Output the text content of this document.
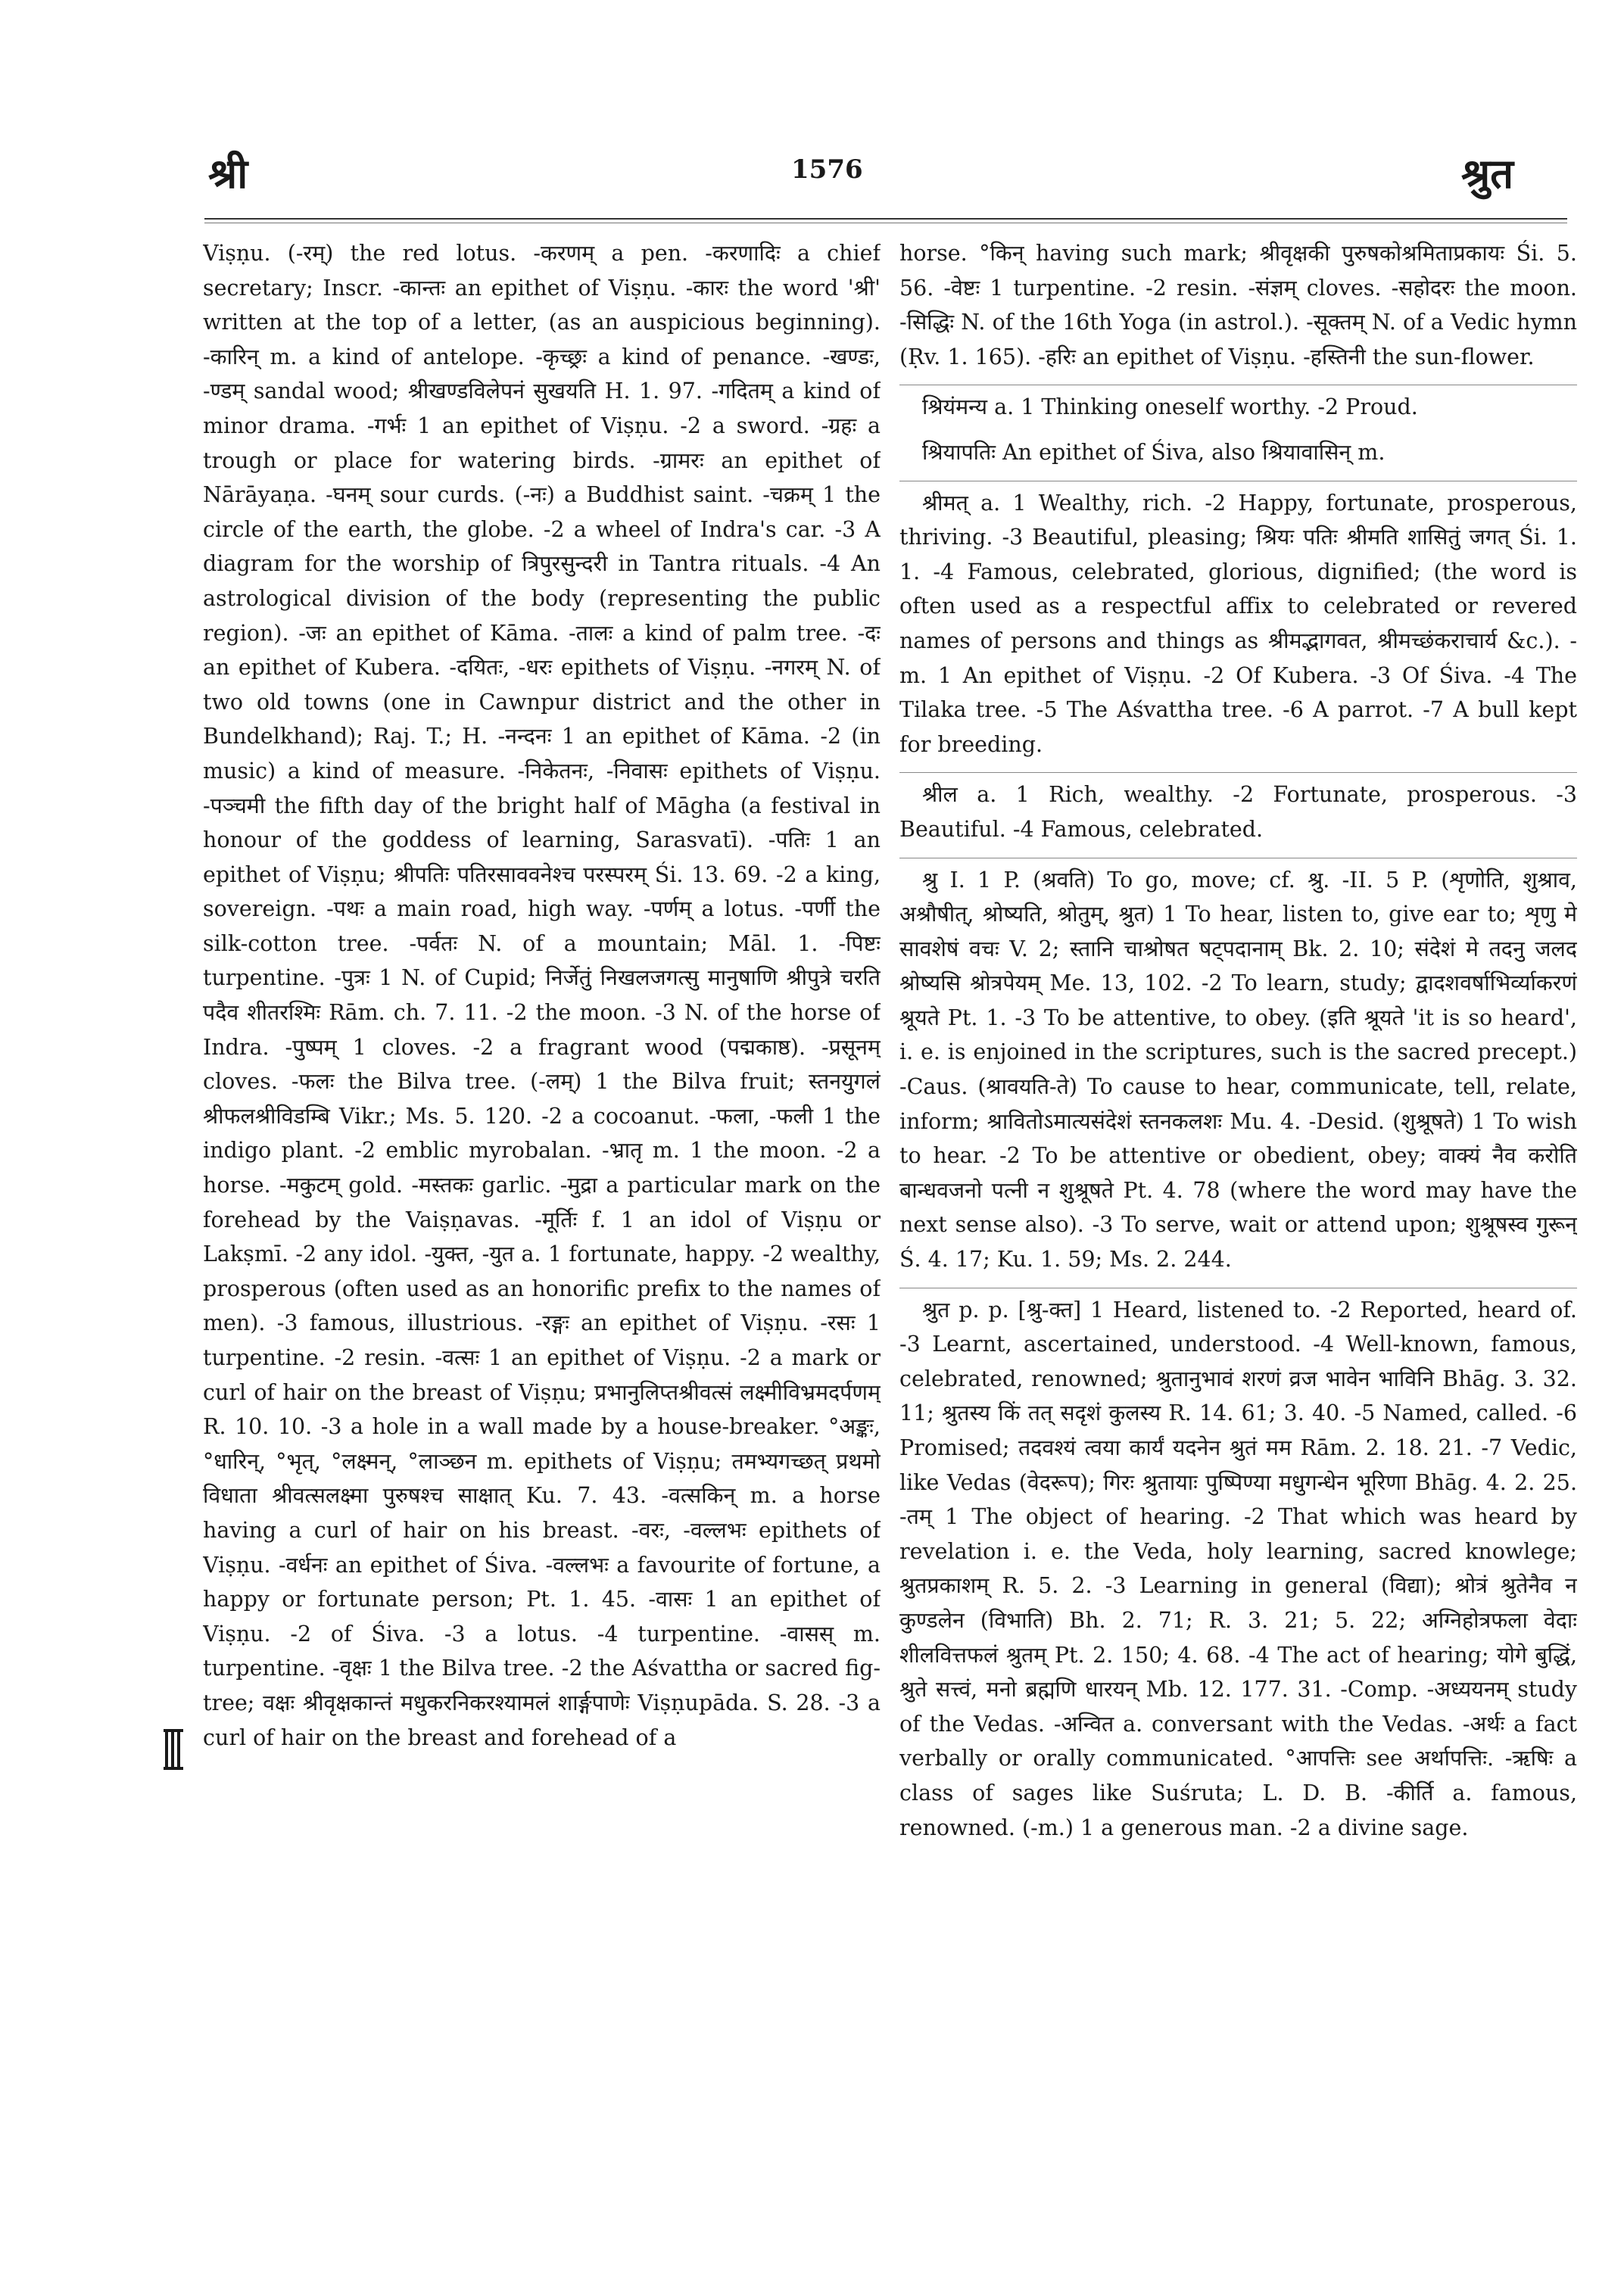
श्री	1576	श्रुत

Viṣṇu. (-रम्) the red lotus. -करणम् a pen. -करणादिः a chief secretary; Inscr. -कान्तः an epithet of Viṣṇu. -कारः the word 'श्री' written at the top of a letter, (as an auspicious beginning). -कारिन् m. a kind of antelope. -कृच्छ्रः a kind of penance. -खण्डः, -ण्डम् sandal wood; श्रीखण्डविलेपनं सुखयति H. 1. 97. -गदितम् a kind of minor drama. -गर्भः 1 an epithet of Viṣṇu. -2 a sword. -ग्रहः a trough or place for watering birds. -ग्रामरः an epithet of Nārāyaṇa. -घनम् sour curds. (-नः) a Buddhist saint. -चक्रम् 1 the circle of the earth, the globe. -2 a wheel of Indra's car. -3 A diagram for the worship of त्रिपुरसुन्दरी in Tantra rituals. -4 An astrological division of the body (representing the public region). -जः an epithet of Kāma. -तालः a kind of palm tree. -दः an epithet of Kubera. -दयितः, -धरः epithets of Viṣṇu. -नगरम् N. of two old towns (one in Cawnpur district and the other in Bundelkhand); Raj. T.; H. -नन्दनः 1 an epithet of Kāma. -2 (in music) a kind of measure. -निकेतनः, -निवासः epithets of Viṣṇu. -पञ्चमी the fifth day of the bright half of Māgha (a festival in honour of the goddess of learning, Sarasvatī). -पतिः 1 an epithet of Viṣṇu; श्रीपतिः पतिरसाववनेश्च परस्परम् Śi. 13. 69. -2 a king, sovereign. -पथः a main road, high way. -पर्णम् a lotus. -पर्णी the silk-cotton tree. -पर्वतः N. of a mountain; Māl. 1. -पिष्टः turpentine. -पुत्रः 1 N. of Cupid; निर्जेतुं निखलजगत्सु मानुषाणि श्रीपुत्रे चरति पदैव शीतरश्मिः Rām. ch. 7. 11. -2 the moon. -3 N. of the horse of Indra. -पुष्पम् 1 cloves. -2 a fragrant wood (पद्मकाष्ठ). -प्रसूनम् cloves. -फलः the Bilva tree. (-लम्) 1 the Bilva fruit; स्तनयुगलं श्रीफलश्रीविडम्बि Vikr.; Ms. 5. 120. -2 a cocoanut. -फला, -फली 1 the indigo plant. -2 emblic myrobalan. -भ्रातृ m. 1 the moon. -2 a horse. -मकुटम् gold. -मस्तकः garlic. -मुद्रा a particular mark on the forehead by the Vaiṣṇavas. -मूर्तिः f. 1 an idol of Viṣṇu or Lakṣmī. -2 any idol. -युक्त, -युत a. 1 fortunate, happy. -2 wealthy, prosperous (often used as an honorific prefix to the names of men). -3 famous, illustrious. -रङ्गः an epithet of Viṣṇu. -रसः 1 turpentine. -2 resin. -वत्सः 1 an epithet of Viṣṇu. -2 a mark or curl of hair on the breast of Viṣṇu; प्रभानुलिप्तश्रीवत्सं लक्ष्मीविभ्रमदर्पणम् R. 10. 10. -3 a hole in a wall made by a house-breaker. °अङ्कः, °धारिन्, °भृत्, °लक्ष्मन्, °लाञ्छन m. epithets of Viṣṇu; तमभ्यगच्छत् प्रथमो विधाता श्रीवत्सलक्ष्मा पुरुषश्च साक्षात् Ku. 7. 43. -वत्सकिन् m. a horse having a curl of hair on his breast. -वरः, -वल्लभः epithets of Viṣṇu. -वर्धनः an epithet of Śiva. -वल्लभः a favourite of fortune, a happy or fortunate person; Pt. 1. 45. -वासः 1 an epithet of Viṣṇu. -2 of Śiva. -3 a lotus. -4 turpentine. -वासस् m. turpentine. -वृक्षः 1 the Bilva tree. -2 the Aśvattha or sacred fig-tree; वक्षः श्रीवृक्षकान्तं मधुकरनिकरश्यामलं शार्ङ्गपाणेः Viṣṇupāda. S. 28. -3 a curl of hair on the breast and forehead of a

horse. °किन् having such mark; श्रीवृक्षकी पुरुषकोश्रमिताप्रकायः Śi. 5. 56. -वेष्टः 1 turpentine. -2 resin. -संज्ञम् cloves. -सहोदरः the moon. -सिद्धिः N. of the 16th Yoga (in astrol.). -सूक्तम् N. of a Vedic hymn (Ṛv. 1. 165). -हरिः an epithet of Viṣṇu. -हस्तिनी the sun-flower.

श्रियंमन्य a. 1 Thinking oneself worthy. -2 Proud.

श्रियापतिः An epithet of Śiva, also श्रियावासिन् m.

श्रीमत् a. 1 Wealthy, rich. -2 Happy, fortunate, prosperous, thriving. -3 Beautiful, pleasing; श्रियः पतिः श्रीमति शासितुं जगत् Śi. 1. 1. -4 Famous, celebrated, glorious, dignified; (the word is often used as a respectful affix to celebrated or revered names of persons and things as श्रीमद्भागवत, श्रीमच्छंकराचार्य &c.). -m. 1 An epithet of Viṣṇu. -2 Of Kubera. -3 Of Śiva. -4 The Tilaka tree. -5 The Aśvattha tree. -6 A parrot. -7 A bull kept for breeding.

श्रील a. 1 Rich, wealthy. -2 Fortunate, prosperous. -3 Beautiful. -4 Famous, celebrated.

श्रु I. 1 P. (श्रवति) To go, move; cf. श्रु. -II. 5 P. (शृणोति, शुश्राव, अश्रौषीत्, श्रोष्यति, श्रोतुम्, श्रुत) 1 To hear, listen to, give ear to; शृणु मे सावशेषं वचः V. 2; स्तानि चाश्रोषत षट्पदानाम् Bk. 2. 10; संदेशं मे तदनु जलद श्रोष्यसि श्रोत्रपेयम् Me. 13, 102. -2 To learn, study; द्वादशवर्षाभिर्व्याकरणं श्रूयते Pt. 1. -3 To be attentive, to obey. (इति श्रूयते 'it is so heard', i. e. is enjoined in the scriptures, such is the sacred precept.) -Caus. (श्रावयति-ते) To cause to hear, communicate, tell, relate, inform; श्रावितोऽमात्यसंदेशं स्तनकलशः Mu. 4. -Desid. (शुश्रूषते) 1 To wish to hear. -2 To be attentive or obedient, obey; वाक्यं नैव करोति बान्धवजनो पत्नी न शुश्रूषते Pt. 4. 78 (where the word may have the next sense also). -3 To serve, wait or attend upon; शुश्रूषस्व गुरून् Ś. 4. 17; Ku. 1. 59; Ms. 2. 244.

श्रुत p. p. [श्रु-क्त] 1 Heard, listened to. -2 Reported, heard of. -3 Learnt, ascertained, understood. -4 Well-known, famous, celebrated, renowned; श्रुतानुभावं शरणं व्रज भावेन भाविनि Bhāg. 3. 32. 11; श्रुतस्य किं तत् सदृशं कुलस्य R. 14. 61; 3. 40. -5 Named, called. -6 Promised; तदवश्यं त्वया कार्यं यदनेन श्रुतं मम Rām. 2. 18. 21. -7 Vedic, like Vedas (वेदरूप); गिरः श्रुतायाः पुष्पिण्या मधुगन्धेन भूरिणा Bhāg. 4. 2. 25. -तम् 1 The object of hearing. -2 That which was heard by revelation i. e. the Veda, holy learning, sacred knowlege; श्रुतप्रकाशम् R. 5. 2. -3 Learning in general (विद्या); श्रोत्रं श्रुतेनैव न कुण्डलेन (विभाति) Bh. 2. 71; R. 3. 21; 5. 22; अग्निहोत्रफला वेदाः शीलवित्तफलं श्रुतम् Pt. 2. 150; 4. 68. -4 The act of hearing; योगे बुद्धिं, श्रुते सत्त्वं, मनो ब्रह्मणि धारयन् Mb. 12. 177. 31. -Comp. -अध्ययनम् study of the Vedas. -अन्वित a. conversant with the Vedas. -अर्थः a fact verbally or orally communicated. °आपत्तिः see अर्थापत्तिः. -ऋषिः a class of sages like Suśruta; L. D. B. -कीर्ति a. famous, renowned. (-m.) 1 a generous man. -2 a divine sage.
